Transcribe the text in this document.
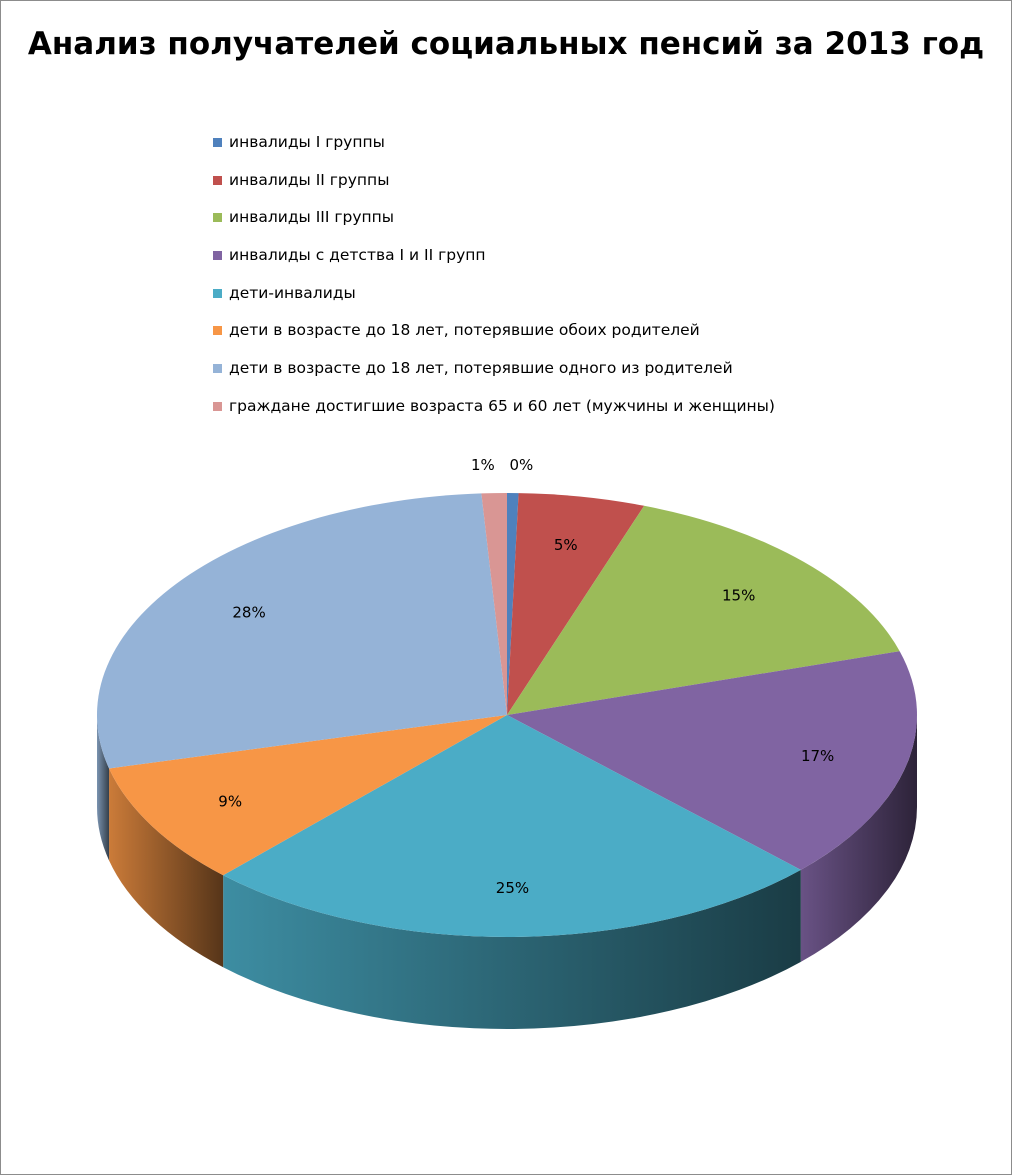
Анализ получателей социальных пенсий за 2013 год
инвалиды I группы
инвалиды II группы
инвалиды III группы
инвалиды с детства I и II групп
дети-инвалиды
дети в возрасте до 18 лет, потерявшие обоих родителей
дети в возрасте до 18 лет, потерявшие одного из родителей
граждане достигшие возраста 65 и 60 лет (мужчины и женщины)
0%
5%
15%
17%
25%
9%
28%
1%
